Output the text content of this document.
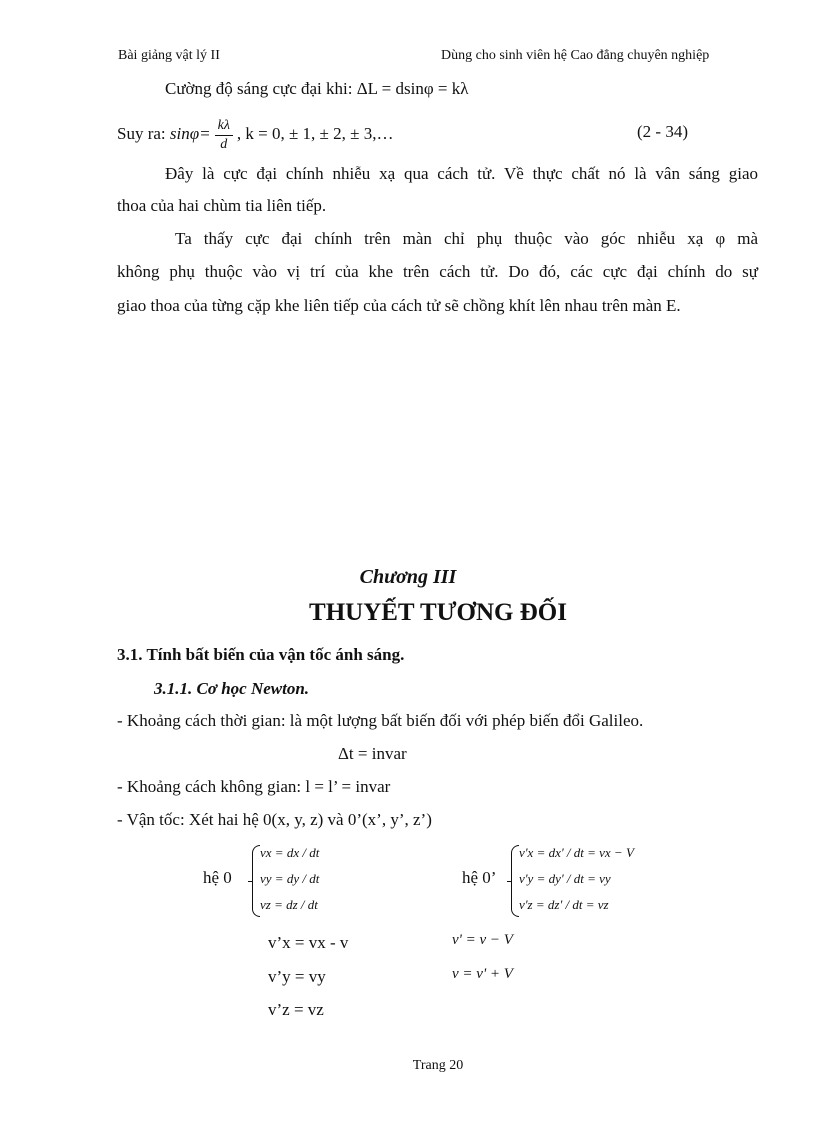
Bài giảng vật lý II	Dùng cho sinh viên hệ Cao đẳng chuyên nghiệp
Cường độ sáng cực đại khi: ΔL = dsinφ = kλ
Suy ra: $\sin\varphi= \frac{k\lambda}{d}$ , k = 0, ± 1, ± 2, ± 3,…	(2 - 34)
Đây là cực đại chính nhiễu xạ qua cách tử. Về thực chất nó là vân sáng giao
thoa của hai chùm tia liên tiếp.
Ta thấy cực đại chính trên màn chỉ phụ thuộc vào góc nhiễu xạ φ mà
không phụ thuộc vào vị trí của khe trên cách tử. Do đó, các cực đại chính do sự
giao thoa của từng cặp khe liên tiếp của cách tử sẽ chồng khít lên nhau trên màn E.
Chương III
THUYẾT TƯƠNG ĐỐI
3.1. Tính bất biến của vận tốc ánh sáng.
3.1.1. Cơ học Newton.
- Khoảng cách thời gian: là một lượng bất biến đối với phép biến đổi Galileo.
Δt = invar
- Khoảng cách không gian: l = l’ = invar
- Vận tốc: Xét hai hệ 0(x, y, z) và 0’(x’, y’, z’)
hệ 0
vx = dx / dt
vy = dy / dt
vz = dz / dt
hệ 0’
v'x = dx' / dt = vx − V
v'y = dy' / dt = vy
v'z = dz' / dt = vz
v’x = vx - v
v’y = vy
v’z = vz
v' = v − V
v = v' + V
Trang 20
